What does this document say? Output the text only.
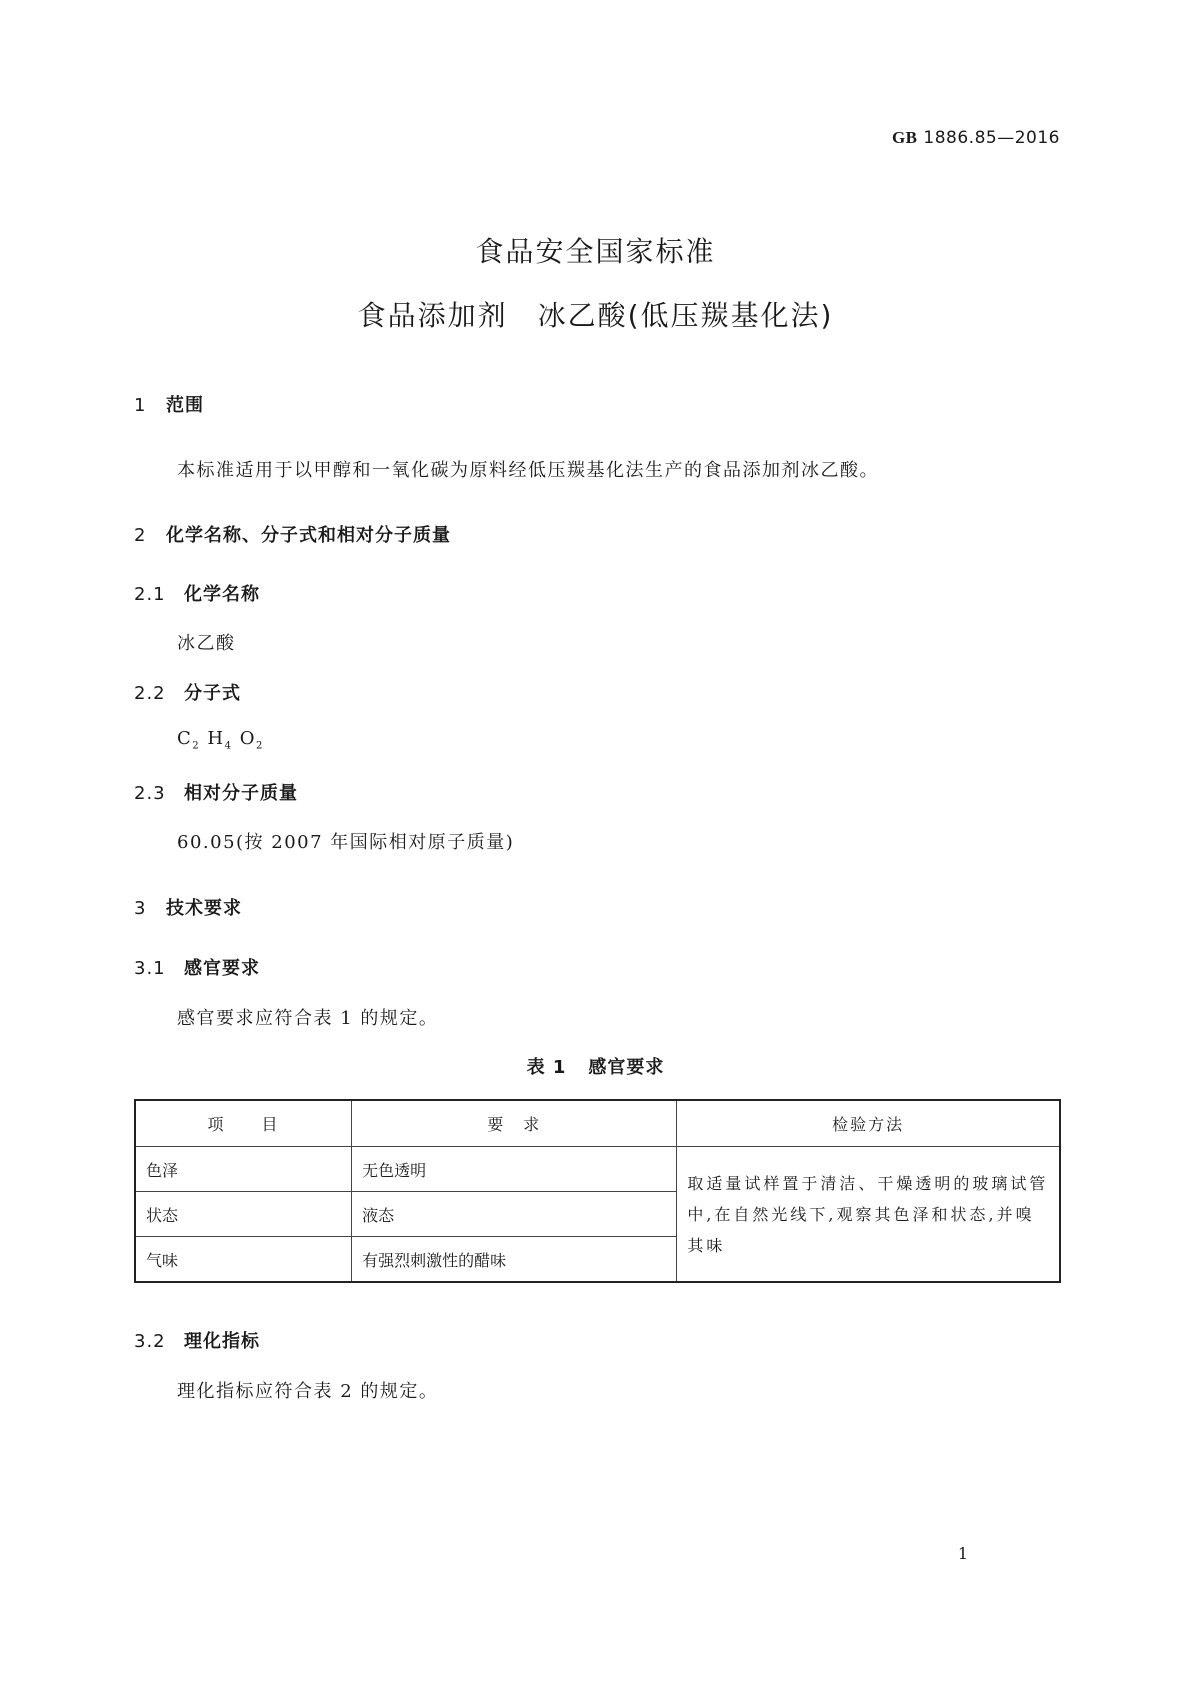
GB 1886.85—2016
食品安全国家标准
食品添加剂　冰乙酸(低压羰基化法)
1 范围
本标准适用于以甲醇和一氧化碳为原料经低压羰基化法生产的食品添加剂冰乙酸。
2 化学名称、分子式和相对分子质量
2.1 化学名称
冰乙酸
2.2 分子式
$C_2$ $H_4$ $O_2$
2.3 相对分子质量
60.05(按 2007 年国际相对原子质量)
3 技术要求
3.1 感官要求
感官要求应符合表 1 的规定。
表 1 感官要求
项　　目	要　求	检验方法
色泽	无色透明	取适量试样置于清洁、干燥透明的玻璃试管中,在自然光线下,观察其色泽和状态,并嗅其味
状态	液态	
气味	有强烈刺激性的醋味	
3.2 理化指标
理化指标应符合表 2 的规定。
1
